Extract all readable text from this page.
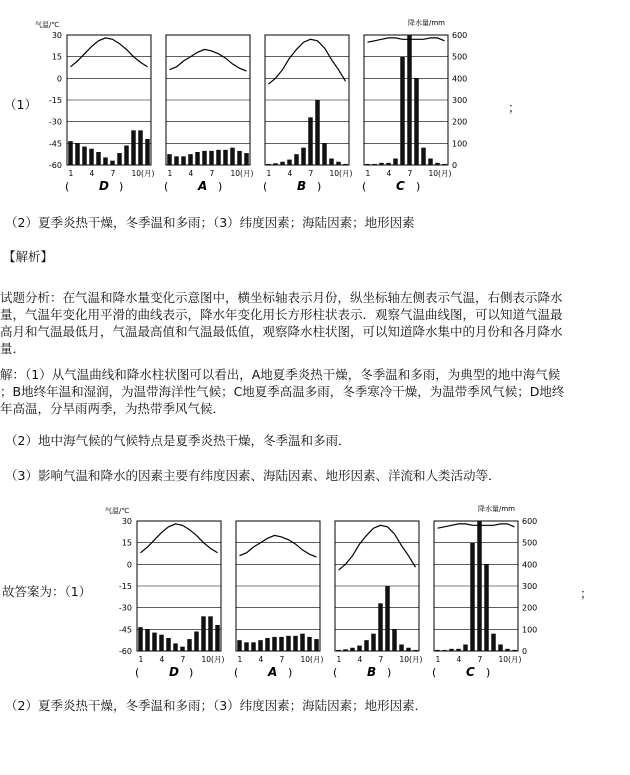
（1）
气温/℃	降水量/mm
30
15
0
-15
-30
-45
-60
600
500
400
300
200
100
0
1 4 7 10(月)
( D )
1 4 7 10(月)
( A )
1 4 7 10(月)
( B )
1 4 7 10(月)
( C )
；
（2）夏季炎热干燥，冬季温和多雨；（3）纬度因素；海陆因素；地形因素
【解析】
试题分析：在气温和降水量变化示意图中，横坐标轴表示月份，纵坐标轴左侧表示气温，右侧表示降水
量，气温年变化用平滑的曲线表示，降水年变化用长方形柱状表示．观察气温曲线图，可以知道气温最
高月和气温最低月，气温最高值和气温最低值，观察降水柱状图，可以知道降水集中的月份和各月降水
量．
解：（1）从气温曲线和降水柱状图可以看出，A地夏季炎热干燥，冬季温和多雨，为典型的地中海气候
；B地终年温和湿润，为温带海洋性气候；C地夏季高温多雨，冬季寒冷干燥，为温带季风气候；D地终
年高温，分旱雨两季，为热带季风气候．
（2）地中海气候的气候特点是夏季炎热干燥，冬季温和多雨．
（3）影响气温和降水的因素主要有纬度因素、海陆因素、地形因素、洋流和人类活动等．
故答案为：（1）
气温/℃	降水量/mm
30
15
0
-15
-30
-45
-60
600
500
400
300
200
100
0
1 4 7 10(月)
( D )
1 4 7 10(月)
( A )
1 4 7 10(月)
( B )
1 4 7 10(月)
( C )
；
（2）夏季炎热干燥，冬季温和多雨；（3）纬度因素；海陆因素；地形因素．
